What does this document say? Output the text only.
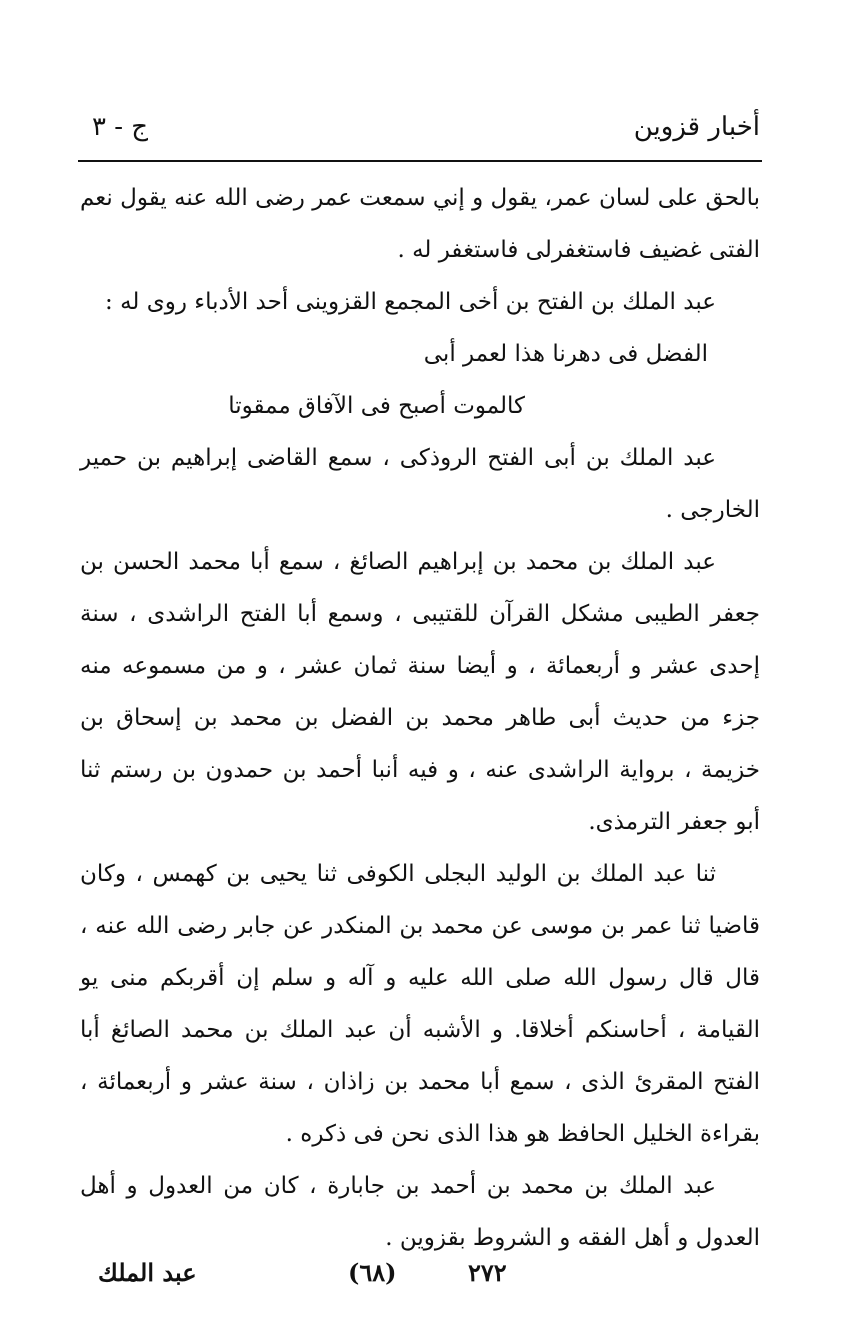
أخبار قزوين
ج - ٣

بالحق على لسان عمر، يقول و إني سمعت عمر رضى الله عنه يقول نعم الفتى غضيف فاستغفرلى فاستغفر له .

عبد الملك بن الفتح بن أخى المجمع القزوينى أحد الأدباء روى له :

الفضل فى دهرنا هذا لعمر أبى

كالموت أصبح فى الآفاق ممقوتا

عبد الملك بن أبى الفتح الروذكى ، سمع القاضى إبراهيم بن حمير الخارجى .

عبد الملك بن محمد بن إبراهيم الصائغ ، سمع أبا محمد الحسن بن جعفر الطيبى مشكل القرآن للقتيبى ، وسمع أبا الفتح الراشدى ، سنة إحدى عشر و أربعمائة ، و أيضا سنة ثمان عشر ، و من مسموعه منه جزء من حديث أبى طاهر محمد بن الفضل بن محمد بن إسحاق بن خزيمة ، برواية الراشدى عنه ، و فيه أنبا أحمد بن حمدون بن رستم ثنا أبو جعفر الترمذى.

ثنا عبد الملك بن الوليد البجلى الكوفى ثنا يحيى بن كهمس ، وكان قاضيا ثنا عمر بن موسى عن محمد بن المنكدر عن جابر رضى الله عنه ، قال قال رسول الله صلى الله عليه و آله و سلم إن أقربكم منى يو القيامة ، أحاسنكم أخلاقا. و الأشبه أن عبد الملك بن محمد الصائغ أبا الفتح المقرئ الذى ، سمع أبا محمد بن زاذان ، سنة عشر و أربعمائة ، بقراءة الخليل الحافظ هو هذا الذى نحن فى ذكره .

عبد الملك بن محمد بن أحمد بن جابارة ، كان من العدول و أهل العدول و أهل الفقه و الشروط بقزوين .

٢٧٢
(٦٨)
عبد الملك
